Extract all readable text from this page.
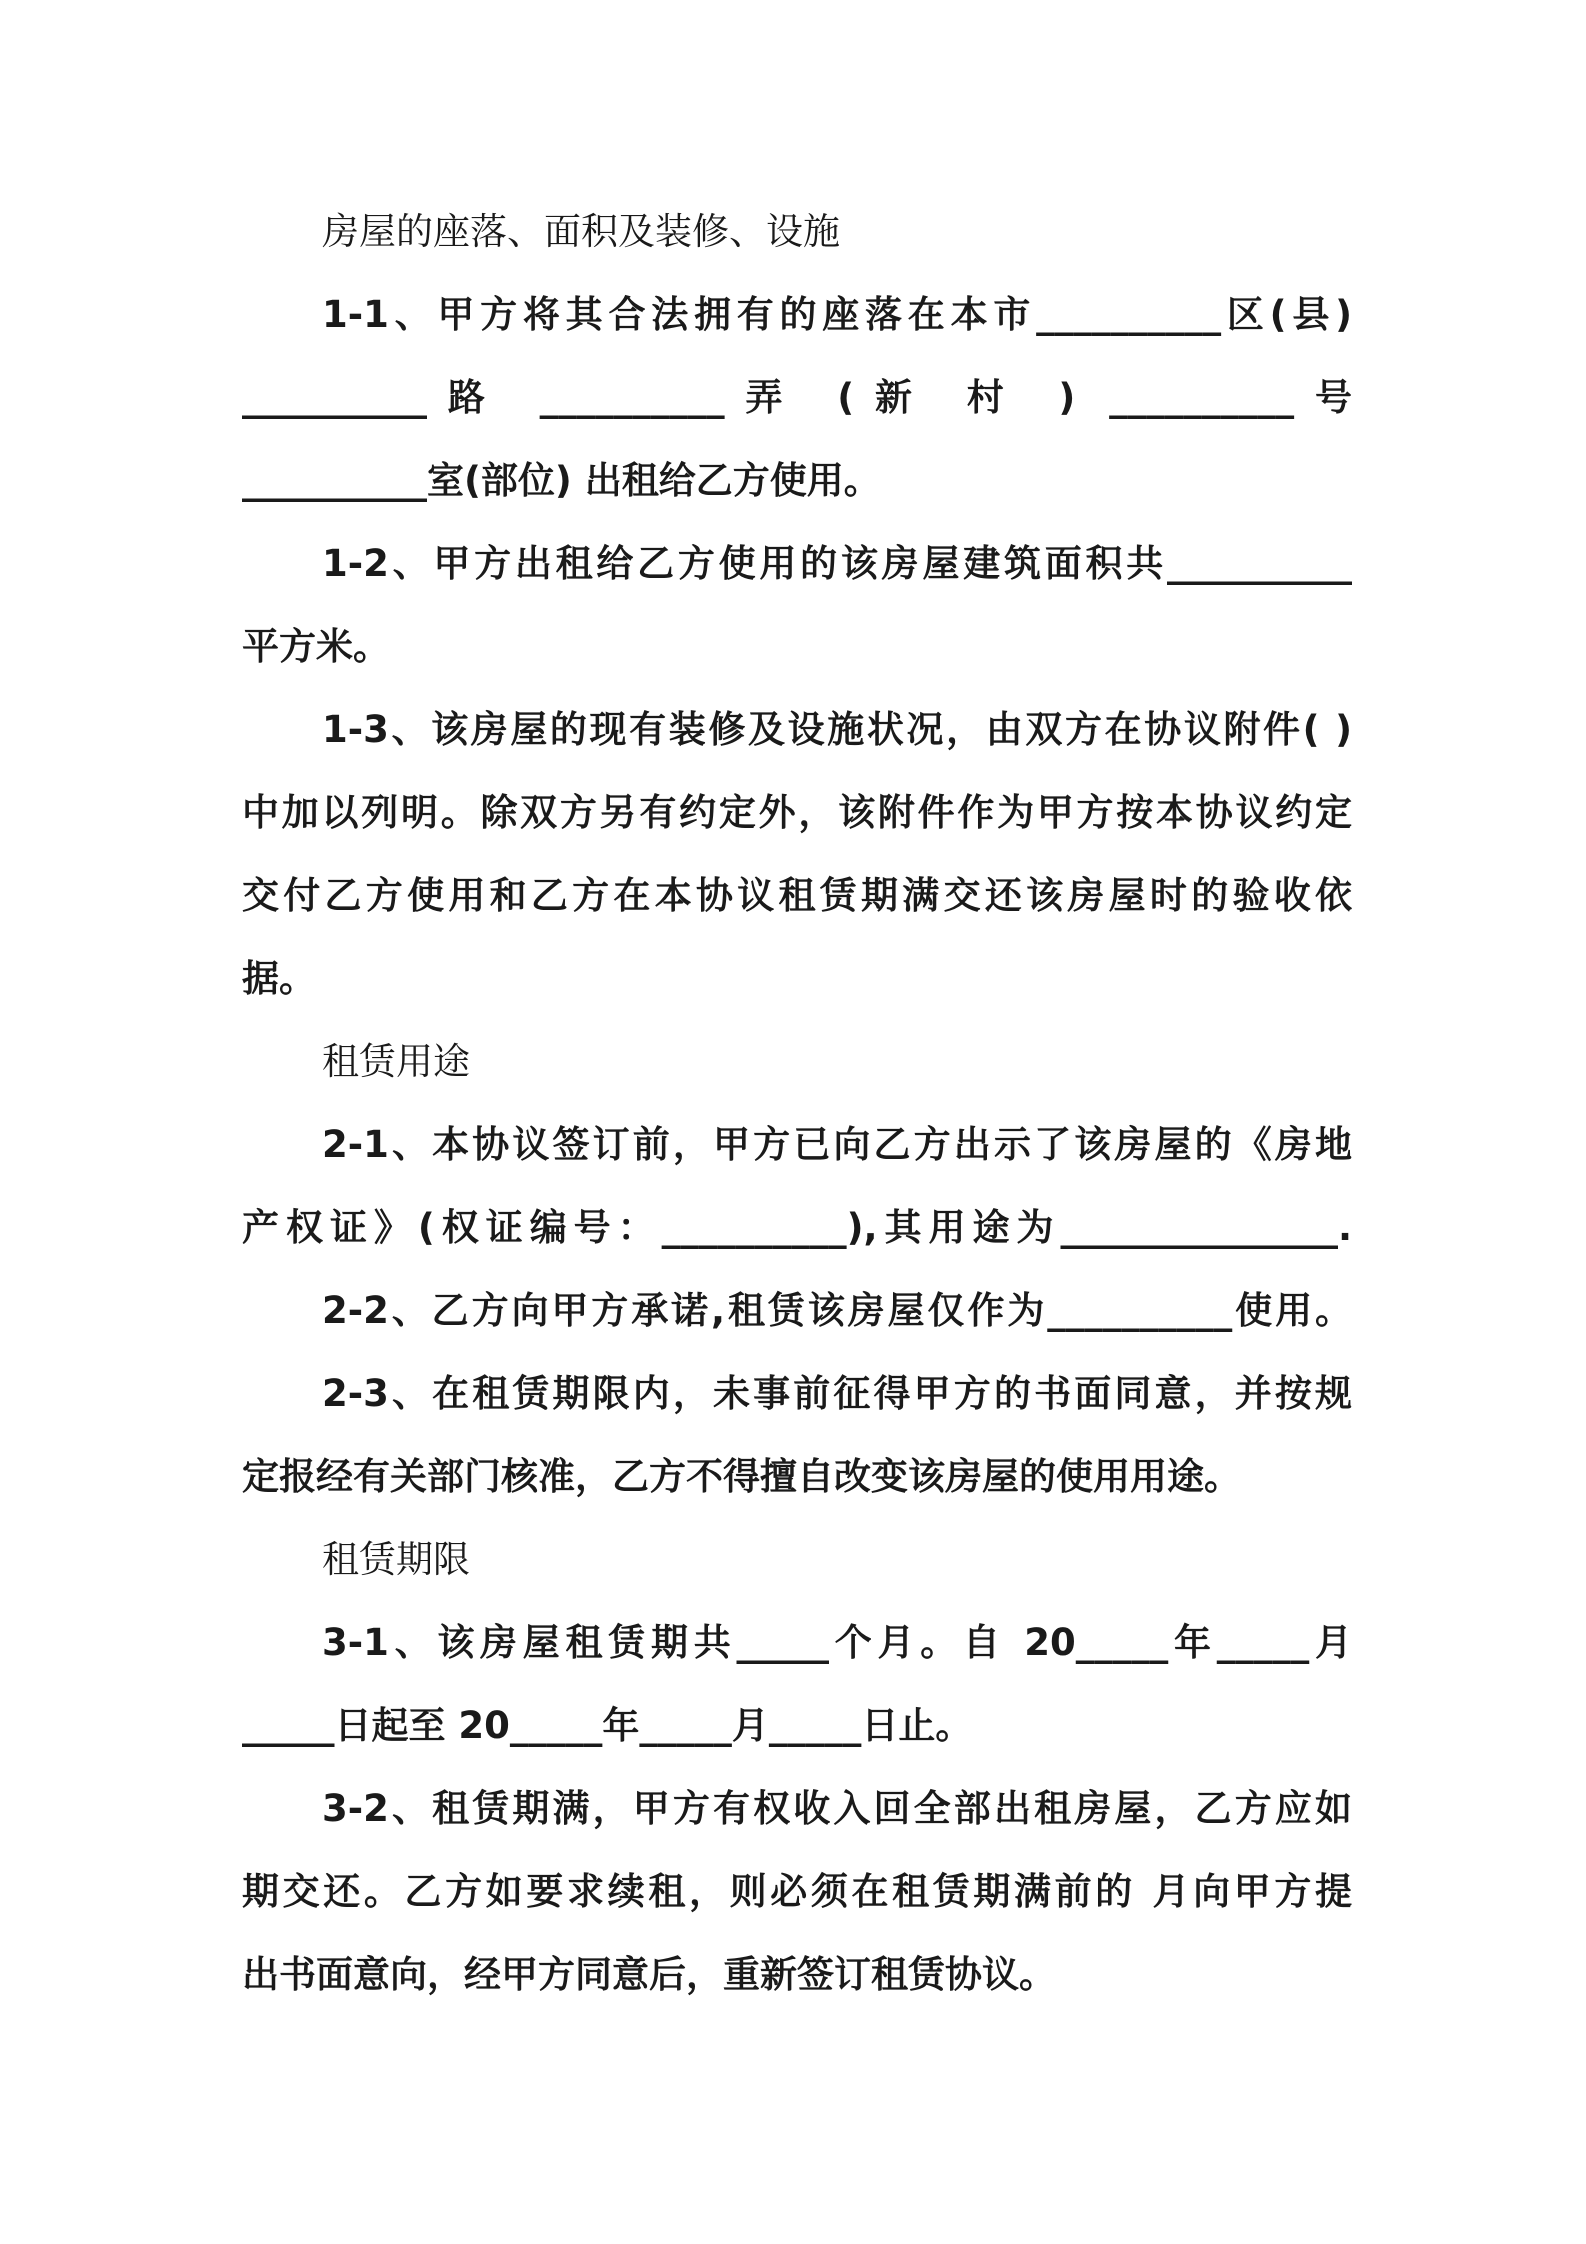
房屋的座落、面积及装修、设施
1-1、甲方将其合法拥有的座落在本市__________区(县)
__________路 __________弄 (新 村 ) __________号
__________室(部位) 出租给乙方使用。
1-2、甲方出租给乙方使用的该房屋建筑面积共__________
平方米。
1-3、该房屋的现有装修及设施状况，由双方在协议附件( )
中加以列明。除双方另有约定外，该附件作为甲方按本协议约定
交付乙方使用和乙方在本协议租赁期满交还该房屋时的验收依
据。
租赁用途
2-1、本协议签订前，甲方已向乙方出示了该房屋的《房地
产权证》(权证编号：__________),其用途为_______________.
2-2、乙方向甲方承诺,租赁该房屋仅作为__________使用。
2-3、在租赁期限内，未事前征得甲方的书面同意，并按规
定报经有关部门核准，乙方不得擅自改变该房屋的使用用途。
租赁期限
3-1、该房屋租赁期共_____个月。自 20_____年_____月
_____日起至 20_____年_____月_____日止。
3-2、租赁期满，甲方有权收入回全部出租房屋，乙方应如
期交还。乙方如要求续租，则必须在租赁期满前的 月向甲方提
出书面意向，经甲方同意后，重新签订租赁协议。
